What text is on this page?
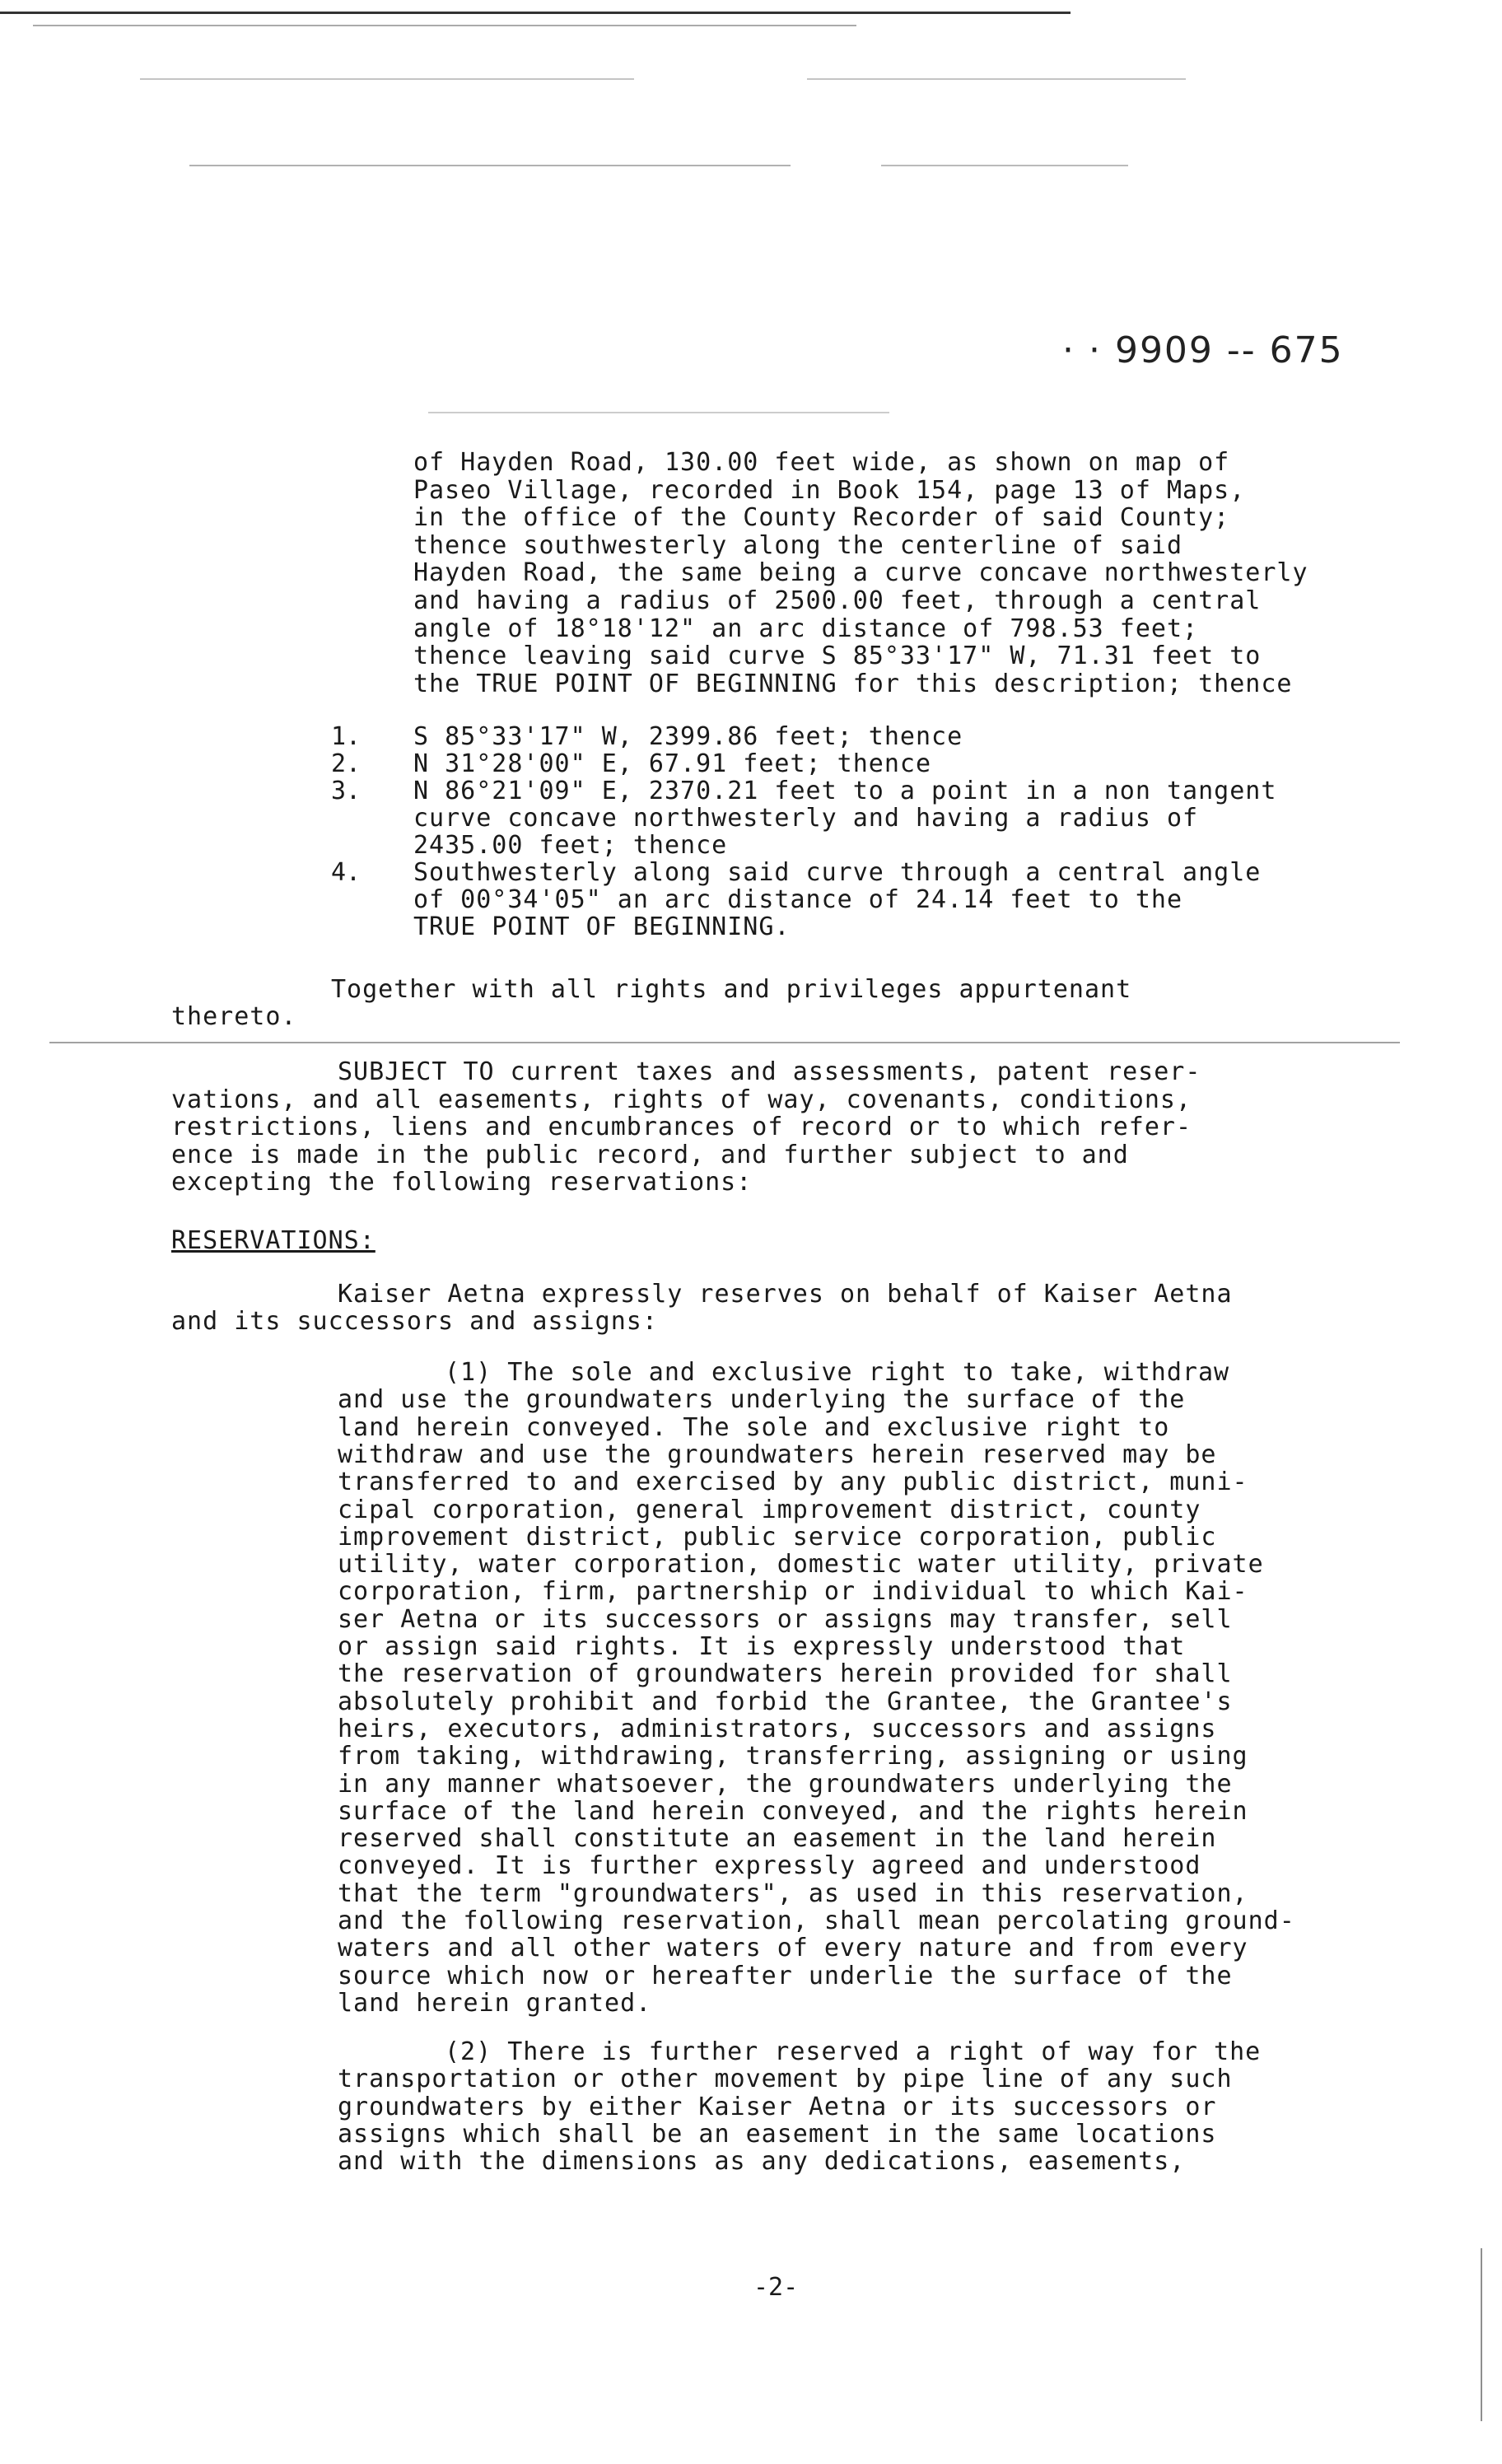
· · 9909 ‐‐ 675
of Hayden Road, 130.00 feet wide, as shown on map of
Paseo Village, recorded in Book 154, page 13 of Maps,
in the office of the County Recorder of said County;
thence southwesterly along the centerline of said
Hayden Road, the same being a curve concave northwesterly
and having a radius of 2500.00 feet, through a central
angle of 18°18'12" an arc distance of 798.53 feet;
thence leaving said curve S 85°33'17" W, 71.31 feet to
the TRUE POINT OF BEGINNING for this description; thence
1. S 85°33'17" W, 2399.86 feet; thence
2. N 31°28'00" E, 67.91 feet; thence
3. N 86°21'09" E, 2370.21 feet to a point in a non tangent
curve concave northwesterly and having a radius of
2435.00 feet; thence
4. Southwesterly along said curve through a central angle
of 00°34'05" an arc distance of 24.14 feet to the
TRUE POINT OF BEGINNING.
Together with all rights and privileges appurtenant
thereto.
SUBJECT TO current taxes and assessments, patent reser-
vations, and all easements, rights of way, covenants, conditions,
restrictions, liens and encumbrances of record or to which refer-
ence is made in the public record, and further subject to and
excepting the following reservations:
RESERVATIONS:
Kaiser Aetna expressly reserves on behalf of Kaiser Aetna
and its successors and assigns:
(1) The sole and exclusive right to take, withdraw
and use the groundwaters underlying the surface of the
land herein conveyed. The sole and exclusive right to
withdraw and use the groundwaters herein reserved may be
transferred to and exercised by any public district, muni-
cipal corporation, general improvement district, county
improvement district, public service corporation, public
utility, water corporation, domestic water utility, private
corporation, firm, partnership or individual to which Kai-
ser Aetna or its successors or assigns may transfer, sell
or assign said rights. It is expressly understood that
the reservation of groundwaters herein provided for shall
absolutely prohibit and forbid the Grantee, the Grantee's
heirs, executors, administrators, successors and assigns
from taking, withdrawing, transferring, assigning or using
in any manner whatsoever, the groundwaters underlying the
surface of the land herein conveyed, and the rights herein
reserved shall constitute an easement in the land herein
conveyed. It is further expressly agreed and understood
that the term "groundwaters", as used in this reservation,
and the following reservation, shall mean percolating ground-
waters and all other waters of every nature and from every
source which now or hereafter underlie the surface of the
land herein granted.
(2) There is further reserved a right of way for the
transportation or other movement by pipe line of any such
groundwaters by either Kaiser Aetna or its successors or
assigns which shall be an easement in the same locations
and with the dimensions as any dedications, easements,
-2-
